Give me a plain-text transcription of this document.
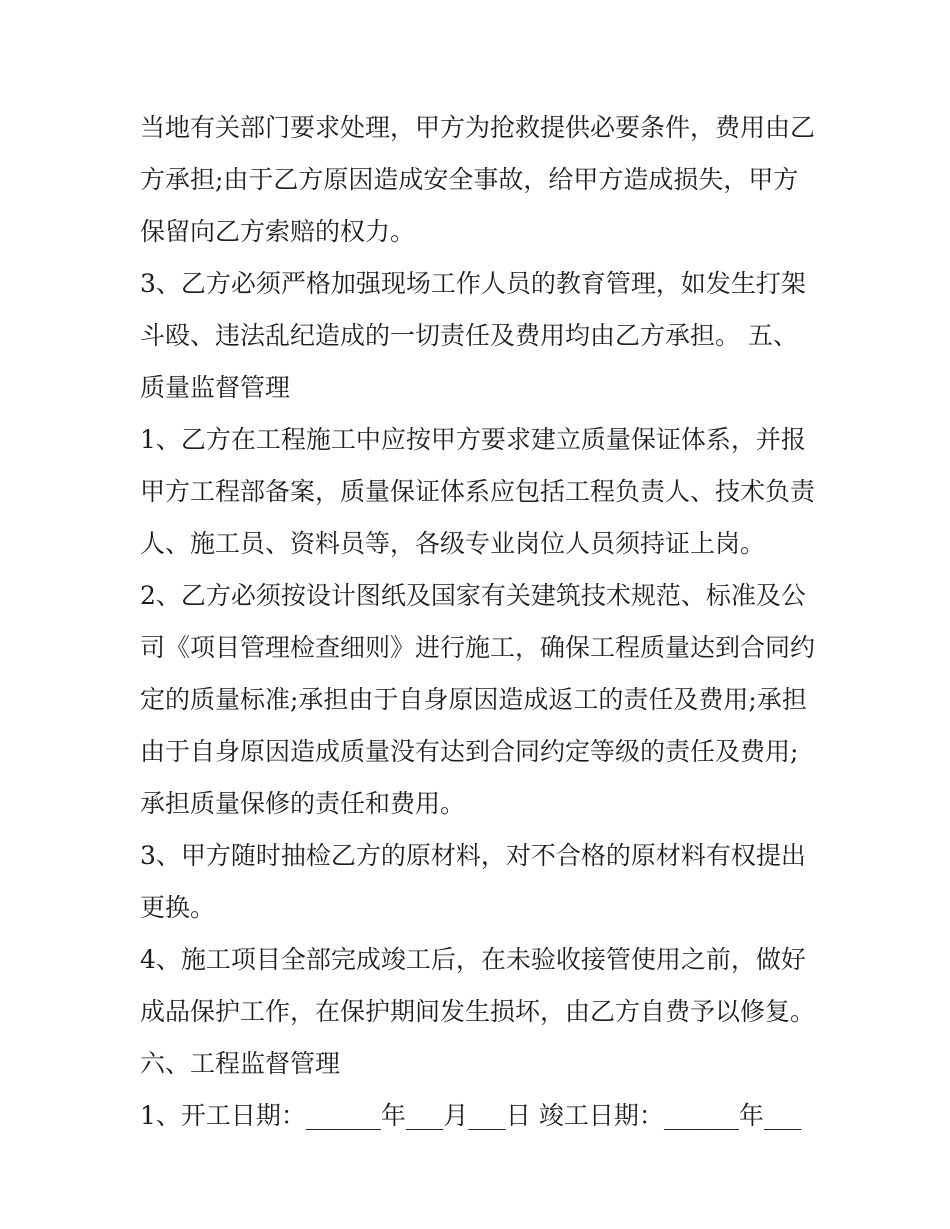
当地有关部门要求处理，甲方为抢救提供必要条件，费用由乙
方承担;由于乙方原因造成安全事故，给甲方造成损失，甲方
保留向乙方索赔的权力。
3、乙方必须严格加强现场工作人员的教育管理，如发生打架
斗殴、违法乱纪造成的一切责任及费用均由乙方承担。 五、
质量监督管理
1、乙方在工程施工中应按甲方要求建立质量保证体系，并报
甲方工程部备案，质量保证体系应包括工程负责人、技术负责
人、施工员、资料员等，各级专业岗位人员须持证上岗。
2、乙方必须按设计图纸及国家有关建筑技术规范、标准及公
司《项目管理检查细则》进行施工，确保工程质量达到合同约
定的质量标准;承担由于自身原因造成返工的责任及费用;承担
由于自身原因造成质量没有达到合同约定等级的责任及费用;
承担质量保修的责任和费用。
3、甲方随时抽检乙方的原材料，对不合格的原材料有权提出
更换。
4、施工项目全部完成竣工后，在未验收接管使用之前，做好
成品保护工作，在保护期间发生损坏，由乙方自费予以修复。
六、工程监督管理
1、开工日期：______年___月___日 竣工日期：______年___
